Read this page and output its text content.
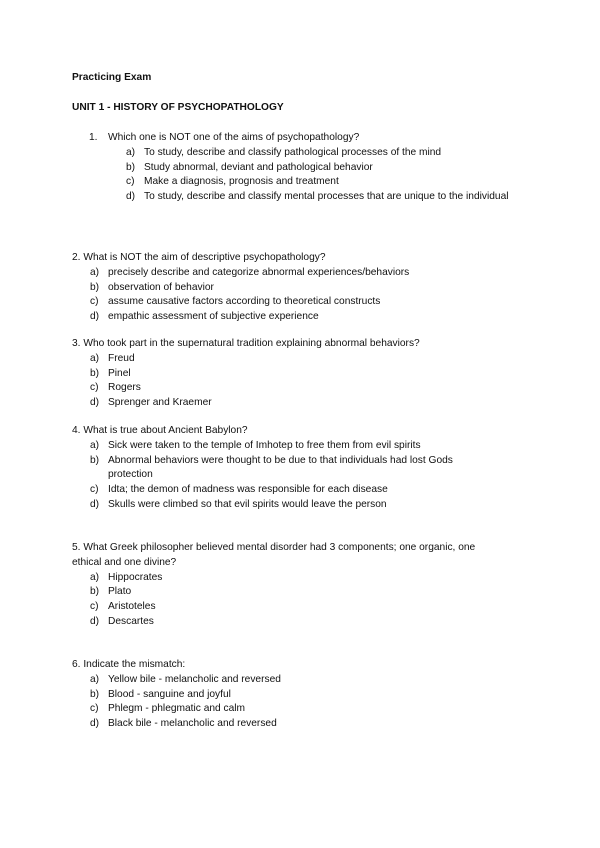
Practicing Exam
UNIT 1 - HISTORY OF PSYCHOPATHOLOGY
1. Which one is NOT one of the aims of psychopathology?
a) To study, describe and classify pathological processes of the mind
b) Study abnormal, deviant and pathological behavior
c) Make a diagnosis, prognosis and treatment
d) To study, describe and classify mental processes that are unique to the individual
2. What is NOT the aim of descriptive psychopathology?
a) precisely describe and categorize abnormal experiences/behaviors
b) observation of behavior
c) assume causative factors according to theoretical constructs
d) empathic assessment of subjective experience
3. Who took part in the supernatural tradition explaining abnormal behaviors?
a) Freud
b) Pinel
c) Rogers
d) Sprenger and Kraemer
4. What is true about Ancient Babylon?
a) Sick were taken to the temple of Imhotep to free them from evil spirits
b) Abnormal behaviors were thought to be due to that individuals had lost Gods protection
c) Idta; the demon of madness was responsible for each disease
d) Skulls were climbed so that evil spirits would leave the person
5. What Greek philosopher believed mental disorder had 3 components; one organic, one ethical and one divine?
a) Hippocrates
b) Plato
c) Aristoteles
d) Descartes
6. Indicate the mismatch:
a) Yellow bile - melancholic and reversed
b) Blood - sanguine and joyful
c) Phlegm - phlegmatic and calm
d) Black bile - melancholic and reversed
